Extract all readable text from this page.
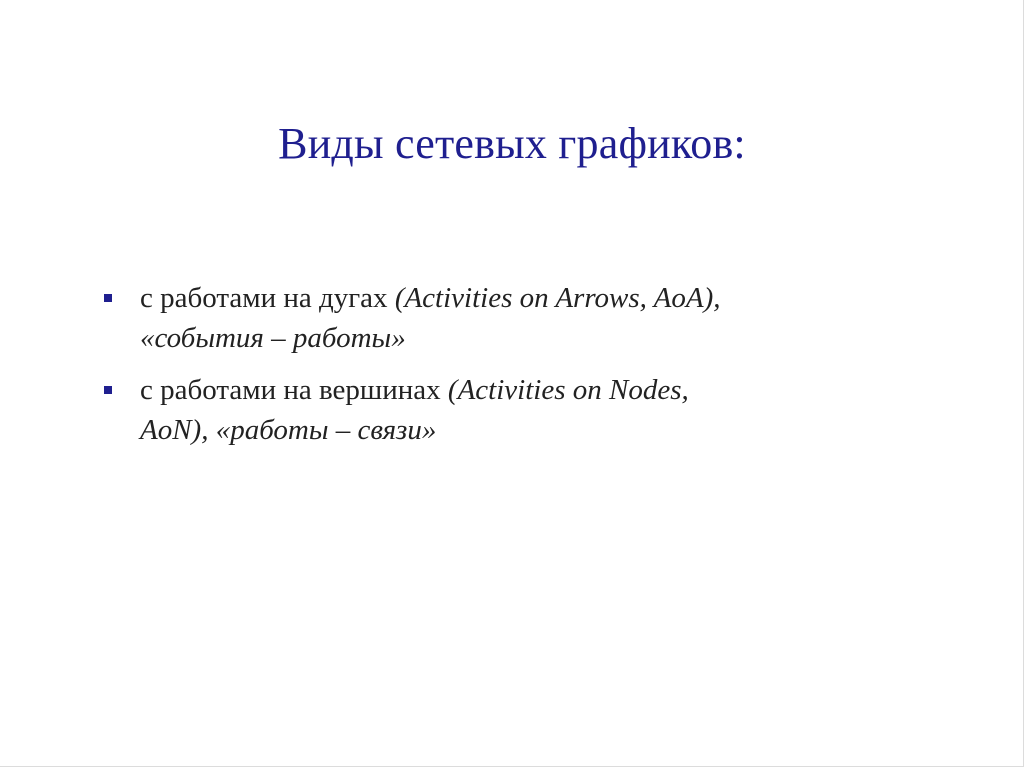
Виды сетевых графиков:
с работами на дугах (Activities on Arrows, AoA),
«события – работы»
с работами на вершинах (Activities on Nodes,
AoN), «работы – связи»
